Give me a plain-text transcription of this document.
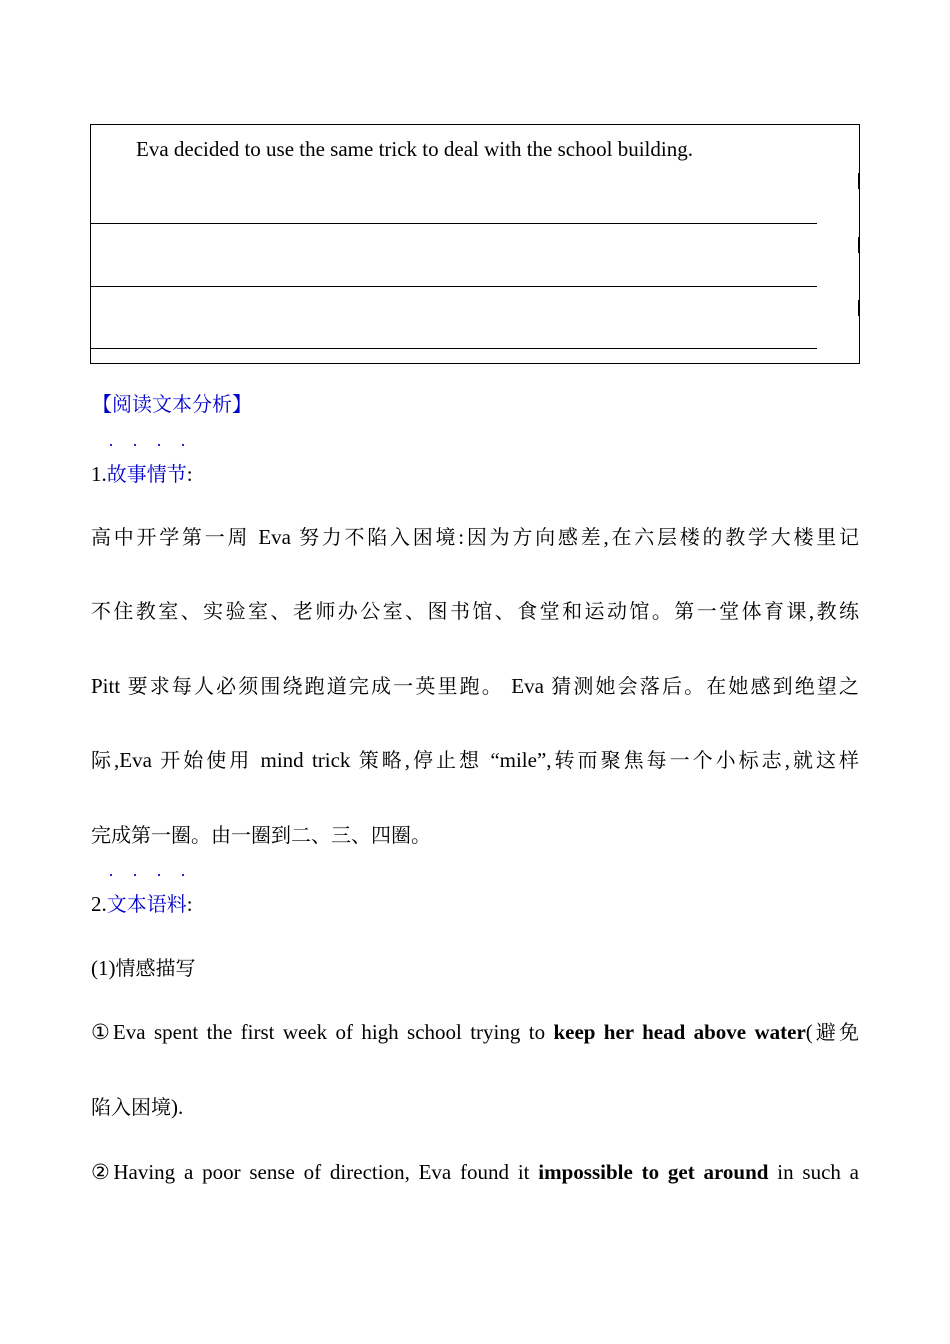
Eva decided to use the same trick to deal with the school building.
【阅读文本分析】
····
1.故事情节:
高中开学第一周 Eva 努力不陷入困境:因为方向感差,在六层楼的教学大楼里记
不住教室、实验室、老师办公室、图书馆、食堂和运动馆。第一堂体育课,教练
Pitt 要求每人必须围绕跑道完成一英里跑。 Eva 猜测她会落后。在她感到绝望之
际,Eva 开始使用 mind trick 策略,停止想 “mile”,转而聚焦每一个小标志,就这样
完成第一圈。由一圈到二、三、四圈。
····
2.文本语料:
(1)情感描写
①Eva spent the first week of high school trying to keep her head above water(避免
陷入困境).
②Having a poor sense of direction, Eva found it impossible to get around in such a
